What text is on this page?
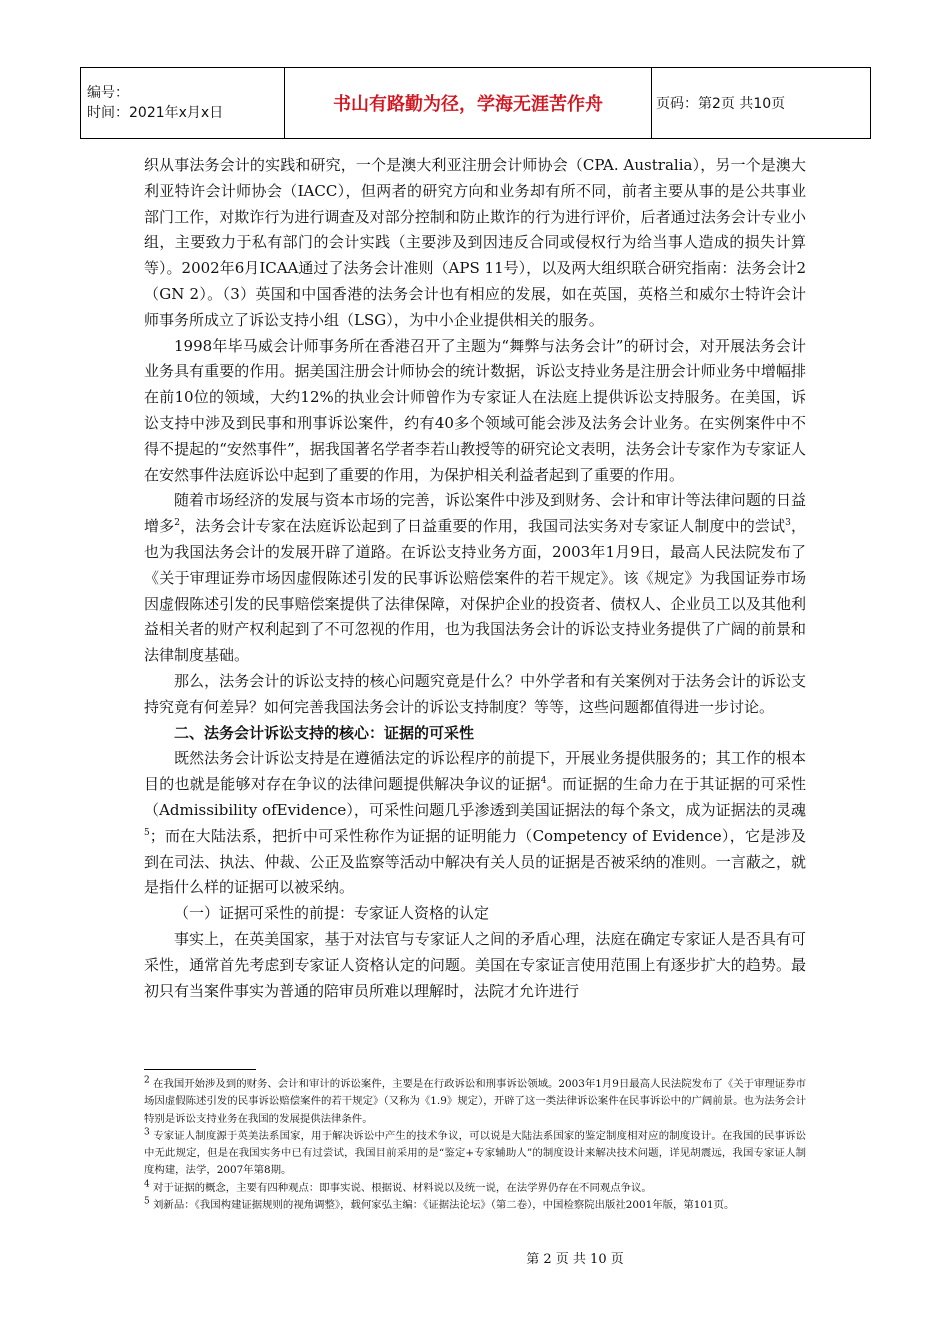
编号：
时间：2021年x月x日	书山有路勤为径，学海无涯苦作舟	页码：第2页 共10页

织从事法务会计的实践和研究，一个是澳大利亚注册会计师协会（CPA. Australia），另一个是澳大利亚特许会计师协会（IACC），但两者的研究方向和业务却有所不同，前者主要从事的是公共事业部门工作，对欺诈行为进行调查及对部分控制和防止欺诈的行为进行评价，后者通过法务会计专业小组，主要致力于私有部门的会计实践（主要涉及到因违反合同或侵权行为给当事人造成的损失计算等）。2002年6月ICAA通过了法务会计准则（APS 11号），以及两大组织联合研究指南：法务会计2（GN 2）。（3）英国和中国香港的法务会计也有相应的发展，如在英国，英格兰和威尔士特许会计师事务所成立了诉讼支持小组（LSG），为中小企业提供相关的服务。

1998年毕马威会计师事务所在香港召开了主题为“舞弊与法务会计”的研讨会，对开展法务会计业务具有重要的作用。据美国注册会计师协会的统计数据，诉讼支持业务是注册会计师业务中增幅排在前10位的领域，大约12%的执业会计师曾作为专家证人在法庭上提供诉讼支持服务。在美国，诉讼支持中涉及到民事和刑事诉讼案件，约有40多个领域可能会涉及法务会计业务。在实例案件中不得不提起的“安然事件”，据我国著名学者李若山教授等的研究论文表明，法务会计专家作为专家证人在安然事件法庭诉讼中起到了重要的作用，为保护相关利益者起到了重要的作用。

随着市场经济的发展与资本市场的完善，诉讼案件中涉及到财务、会计和审计等法律问题的日益增多$^2$，法务会计专家在法庭诉讼起到了日益重要的作用，我国司法实务对专家证人制度中的尝试$^3$，也为我国法务会计的发展开辟了道路。在诉讼支持业务方面，2003年1月9日，最高人民法院发布了《关于审理证券市场因虚假陈述引发的民事诉讼赔偿案件的若干规定》。该《规定》为我国证券市场因虚假陈述引发的民事赔偿案提供了法律保障，对保护企业的投资者、债权人、企业员工以及其他利益相关者的财产权利起到了不可忽视的作用，也为我国法务会计的诉讼支持业务提供了广阔的前景和法律制度基础。

那么，法务会计的诉讼支持的核心问题究竟是什么？中外学者和有关案例对于法务会计的诉讼支持究竟有何差异？如何完善我国法务会计的诉讼支持制度？等等，这些问题都值得进一步讨论。

二、法务会计诉讼支持的核心：证据的可采性

既然法务会计诉讼支持是在遵循法定的诉讼程序的前提下，开展业务提供服务的；其工作的根本目的也就是能够对存在争议的法律问题提供解决争议的证据$^4$。而证据的生命力在于其证据的可采性（Admissibility ofEvidence），可采性问题几乎渗透到美国证据法的每个条文，成为证据法的灵魂$^5$；而在大陆法系，把折中可采性称作为证据的证明能力（Competency of Evidence），它是涉及到在司法、执法、仲裁、公正及监察等活动中解决有关人员的证据是否被采纳的准则。一言蔽之，就是指什么样的证据可以被采纳。

（一）证据可采性的前提：专家证人资格的认定

事实上，在英美国家，基于对法官与专家证人之间的矛盾心理，法庭在确定专家证人是否具有可采性，通常首先考虑到专家证人资格认定的问题。美国在专家证言使用范围上有逐步扩大的趋势。最初只有当案件事实为普通的陪审员所难以理解时，法院才允许进行

$^2$ 在我国开始涉及到的财务、会计和审计的诉讼案件，主要是在行政诉讼和刑事诉讼领域。2003年1月9日最高人民法院发布了《关于审理证券市场因虚假陈述引发的民事诉讼赔偿案件的若干规定》（又称为《1.9》规定），开辟了这一类法律诉讼案件在民事诉讼中的广阔前景。也为法务会计特别是诉讼支持业务在我国的发展提供法律条件。

$^3$ 专家证人制度源于英美法系国家，用于解决诉讼中产生的技术争议，可以说是大陆法系国家的鉴定制度相对应的制度设计。在我国的民事诉讼中无此规定，但是在我国实务中已有过尝试，我国目前采用的是“鉴定+专家辅助人”的制度设计来解决技术问题，详见胡震远，我国专家证人制度构建，法学，2007年第8期。

$^4$ 对于证据的概念，主要有四种观点：即事实说、根据说、材料说以及统一说，在法学界仍存在不同观点争议。

$^5$ 刘新品：《我国构建证据规则的视角调整》，载何家弘主编：《证据法论坛》（第二卷），中国检察院出版社2001年版，第101页。

第 2 页 共 10 页
